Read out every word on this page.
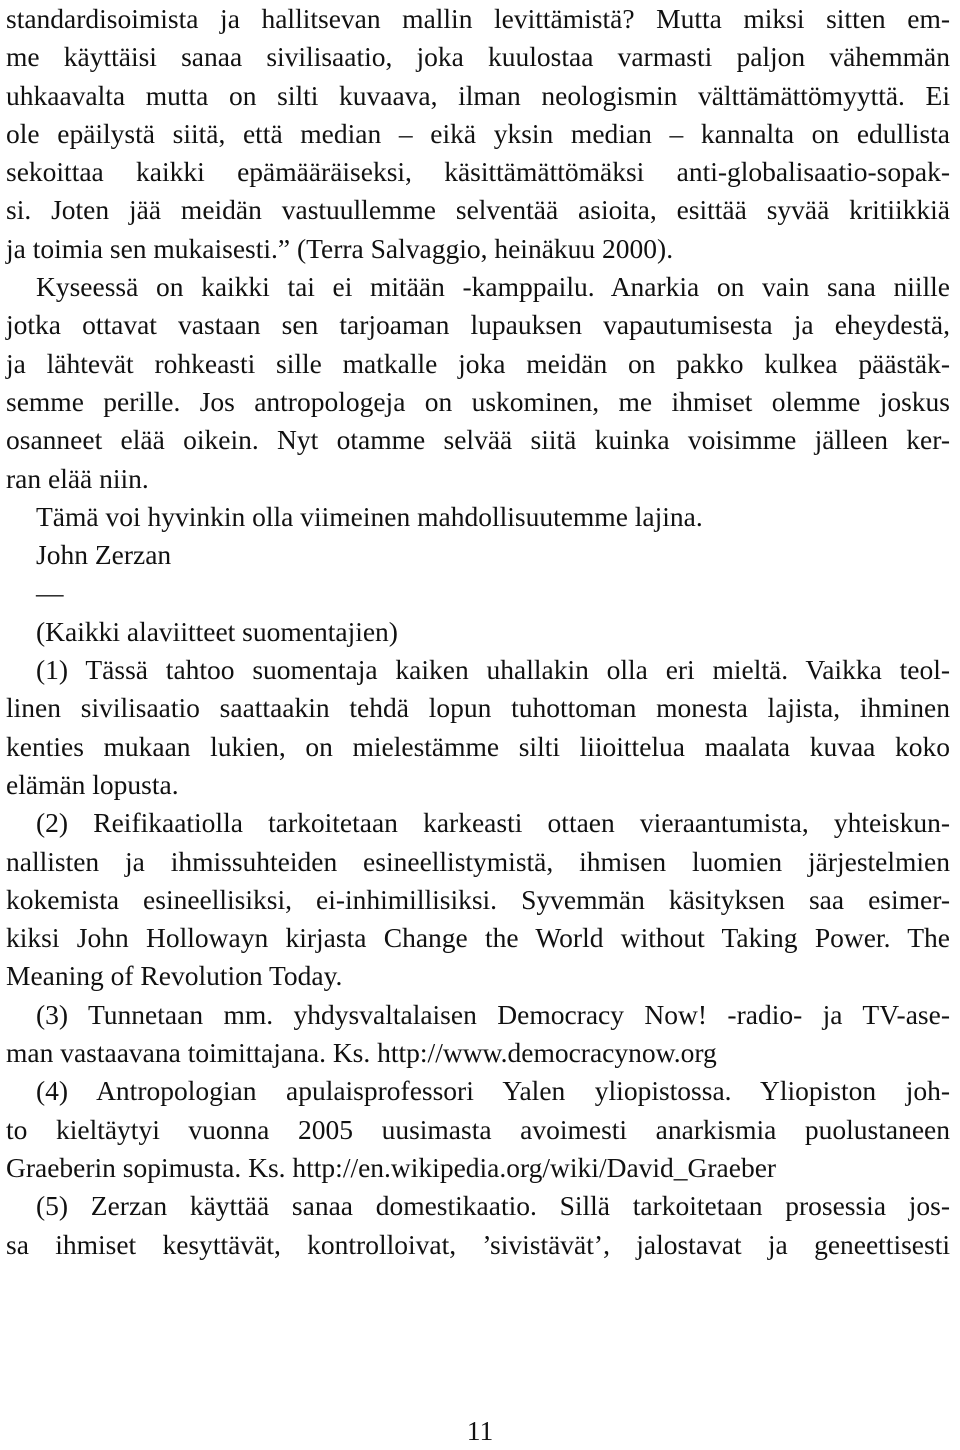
standardisoimista ja hallitsevan mallin levittämistä? Mutta miksi sitten em-
me käyttäisi sanaa sivilisaatio, joka kuulostaa varmasti paljon vähemmän
uhkaavalta mutta on silti kuvaava, ilman neologismin välttämättömyyttä. Ei
ole epäilystä siitä, että median – eikä yksin median – kannalta on edullista
sekoittaa kaikki epämääräiseksi, käsittämättömäksi anti-globalisaatio-sopak-
si. Joten jää meidän vastuullemme selventää asioita, esittää syvää kritiikkiä
ja toimia sen mukaisesti.” (Terra Salvaggio, heinäkuu 2000).
Kyseessä on kaikki tai ei mitään -kamppailu. Anarkia on vain sana niille
jotka ottavat vastaan sen tarjoaman lupauksen vapautumisesta ja eheydestä,
ja lähtevät rohkeasti sille matkalle joka meidän on pakko kulkea päästäk-
semme perille. Jos antropologeja on uskominen, me ihmiset olemme joskus
osanneet elää oikein. Nyt otamme selvää siitä kuinka voisimme jälleen ker-
ran elää niin.
Tämä voi hyvinkin olla viimeinen mahdollisuutemme lajina.
John Zerzan
—
(Kaikki alaviitteet suomentajien)
(1) Tässä tahtoo suomentaja kaiken uhallakin olla eri mieltä. Vaikka teol-
linen sivilisaatio saattaakin tehdä lopun tuhottoman monesta lajista, ihminen
kenties mukaan lukien, on mielestämme silti liioittelua maalata kuvaa koko
elämän lopusta.
(2) Reifikaatiolla tarkoitetaan karkeasti ottaen vieraantumista, yhteiskun-
nallisten ja ihmissuhteiden esineellistymistä, ihmisen luomien järjestelmien
kokemista esineellisiksi, ei-inhimillisiksi. Syvemmän käsityksen saa esimer-
kiksi John Hollowayn kirjasta Change the World without Taking Power. The
Meaning of Revolution Today.
(3) Tunnetaan mm. yhdysvaltalaisen Democracy Now! -radio- ja TV-ase-
man vastaavana toimittajana. Ks. http://www.democracynow.org
(4) Antropologian apulaisprofessori Yalen yliopistossa. Yliopiston joh-
to kieltäytyi vuonna 2005 uusimasta avoimesti anarkismia puolustaneen
Graeberin sopimusta. Ks. http://en.wikipedia.org/wiki/David_Graeber
(5) Zerzan käyttää sanaa domestikaatio. Sillä tarkoitetaan prosessia jos-
sa ihmiset kesyttävät, kontrolloivat, ’sivistävät’, jalostavat ja geneettisesti
11
